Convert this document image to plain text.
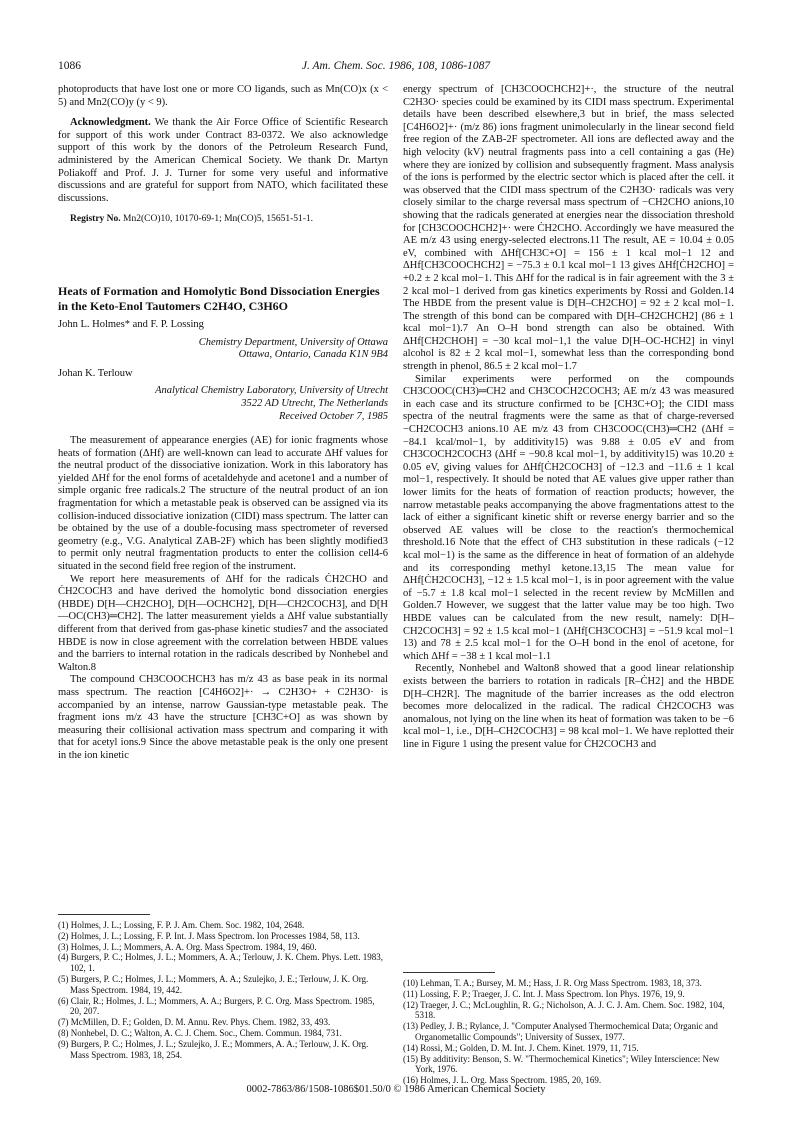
1086	J. Am. Chem. Soc. 1986, 108, 1086-1087

photoproducts that have lost one or more CO ligands, such as Mn(CO)x (x < 5) and Mn2(CO)y (y < 9).

Acknowledgment. We thank the Air Force Office of Scientific Research for support of this work under Contract 83-0372. We also acknowledge support of this work by the donors of the Petroleum Research Fund, administered by the American Chemical Society. We thank Dr. Martyn Poliakoff and Prof. J. J. Turner for some very useful and informative discussions and are grateful for support from NATO, which facilitated these discussions.

Registry No. Mn2(CO)10, 10170-69-1; Mn(CO)5, 15651-51-1.

Heats of Formation and Homolytic Bond Dissociation Energies in the Keto-Enol Tautomers C2H4O, C3H6O
John L. Holmes* and F. P. Lossing
Chemistry Department, University of Ottawa
Ottawa, Ontario, Canada K1N 9B4
Johan K. Terlouw
Analytical Chemistry Laboratory, University of Utrecht
3522 AD Utrecht, The Netherlands
Received October 7, 1985

The measurement of appearance energies (AE) for ionic fragments whose heats of formation (ΔHf) are well-known can lead to accurate ΔHf values for the neutral product of the dissociative ionization. Work in this laboratory has yielded ΔHf for the enol forms of acetaldehyde and acetone1 and a number of simple organic free radicals.2 The structure of the neutral product of an ion fragmentation for which a metastable peak is observed can be assigned via its collision-induced dissociative ionization (CIDI) mass spectrum. The latter can be obtained by the use of a double-focusing mass spectrometer of reversed geometry (e.g., V.G. Analytical ZAB-2F) which has been slightly modified3 to permit only neutral fragmentation products to enter the collision cell4-6 situated in the second field free region of the instrument.

We report here measurements of ΔHf for the radicals ĊH2CHO and ĊH2COCH3 and have derived the homolytic bond dissociation energies (HBDE) D[H—CH2CHO], D[H—OCHCH2], D[H—CH2COCH3], and D[H—OC(CH3)═CH2]. The latter measurement yields a ΔHf value substantially different from that derived from gas-phase kinetic studies7 and the associated HBDE is now in close agreement with the correlation between HBDE values and the barriers to internal rotation in the radicals described by Nonhebel and Walton.8

The compound CH3COOCHCH3 has m/z 43 as base peak in its normal mass spectrum. The reaction [C4H6O2]+· → C2H3O+ + C2H3O· is accompanied by an intense, narrow Gaussian-type metastable peak. The fragment ions m/z 43 have the structure [CH3C+O] as was shown by measuring their collisional activation mass spectrum and comparing it with that for acetyl ions.9 Since the above metastable peak is the only one present in the ion kinetic

energy spectrum of [CH3COOCHCH2]+·, the structure of the neutral C2H3O· species could be examined by its CIDI mass spectrum. Experimental details have been described elsewhere,3 but in brief, the mass selected [C4H6O2]+· (m/z 86) ions fragment unimolecularly in the linear second field free region of the ZAB-2F spectrometer. All ions are deflected away and the high velocity (kV) neutral fragments pass into a cell containing a gas (He) where they are ionized by collision and subsequently fragment. Mass analysis of the ions is performed by the electric sector which is placed after the cell. it was observed that the CIDI mass spectrum of the C2H3O· radicals was very closely similar to the charge reversal mass spectrum of −CH2CHO anions,10 showing that the radicals generated at energies near the dissociation threshold for [CH3COOCHCH2]+· were ĊH2CHO. Accordingly we have measured the AE m/z 43 using energy-selected electrons.11 The result, AE = 10.04 ± 0.05 eV, combined with ΔHf[CH3C+O] = 156 ± 1 kcal mol−1 12 and ΔHf[CH3COOCHCH2] = −75.3 ± 0.1 kcal mol−1 13 gives ΔHf[ĊH2CHO] = +0.2 ± 2 kcal mol−1. This ΔHf for the radical is in fair agreement with the 3 ± 2 kcal mol−1 derived from gas kinetics experiments by Rossi and Golden.14 The HBDE from the present value is D[H–CH2CHO] = 92 ± 2 kcal mol−1. The strength of this bond can be compared with D[H–CH2CHCH2] (86 ± 1 kcal mol−1).7 An O–H bond strength can also be obtained. With ΔHf[CH2CHOH] = −30 kcal mol−1,1 the value D[H–OC-HCH2] in vinyl alcohol is 82 ± 2 kcal mol−1, somewhat less than the corresponding bond strength in phenol, 86.5 ± 2 kcal mol−1.7

Similar experiments were performed on the compounds CH3COOC(CH3)═CH2 and CH3COCH2COCH3; AE m/z 43 was measured in each case and its structure confirmed to be [CH3C+O]; the CIDI mass spectra of the neutral fragments were the same as that of charge-reversed −CH2COCH3 anions.10 AE m/z 43 from CH3COOC(CH3)═CH2 (ΔHf = −84.1 kcal/mol−1, by additivity15) was 9.88 ± 0.05 eV and from CH3COCH2COCH3 (ΔHf = −90.8 kcal mol−1, by additivity15) was 10.20 ± 0.05 eV, giving values for ΔHf[ĊH2COCH3] of −12.3 and −11.6 ± 1 kcal mol−1, respectively. It should be noted that AE values give upper rather than lower limits for the heats of formation of reaction products; however, the narrow metastable peaks accompanying the above fragmentations attest to the lack of either a significant kinetic shift or reverse energy barrier and so the observed AE values will be close to the reaction's thermochemical threshold.16 Note that the effect of CH3 substitution in these radicals (−12 kcal mol−1) is the same as the difference in heat of formation of an aldehyde and its corresponding methyl ketone.13,15 The mean value for ΔHf[ĊH2COCH3], −12 ± 1.5 kcal mol−1, is in poor agreement with the value of −5.7 ± 1.8 kcal mol−1 selected in the recent review by McMillen and Golden.7 However, we suggest that the latter value may be too high. Two HBDE values can be calculated from the new result, namely: D[H–CH2COCH3] = 92 ± 1.5 kcal mol−1 (ΔHf[CH3COCH3] = −51.9 kcal mol−1 13) and 78 ± 2.5 kcal mol−1 for the O–H bond in the enol of acetone, for which ΔHf = −38 ± 1 kcal mol−1.1

Recently, Nonhebel and Walton8 showed that a good linear relationship exists between the barriers to rotation in radicals [R–ĊH2] and the HBDE D[H–CH2R]. The magnitude of the barrier increases as the odd electron becomes more delocalized in the radical. The radical ĊH2COCH3 was anomalous, not lying on the line when its heat of formation was taken to be −6 kcal mol−1, i.e., D[H–CH2COCH3] = 98 kcal mol−1. We have replotted their line in Figure 1 using the present value for ĊH2COCH3 and

(1) Holmes, J. L.; Lossing, F. P. J. Am. Chem. Soc. 1982, 104, 2648.

(2) Holmes, J. L.; Lossing, F. P. Int. J. Mass Spectrom. Ion Processes 1984, 58, 113.

(3) Holmes, J. L.; Mommers, A. A. Org. Mass Spectrom. 1984, 19, 460.

(4) Burgers, P. C.; Holmes, J. L.; Mommers, A. A.; Terlouw, J. K. Chem. Phys. Lett. 1983, 102, 1.

(5) Burgers, P. C.; Holmes, J. L.; Mommers, A. A.; Szulejko, J. E.; Terlouw, J. K. Org. Mass Spectrom. 1984, 19, 442.

(6) Clair, R.; Holmes, J. L.; Mommers, A. A.; Burgers, P. C. Org. Mass Spectrom. 1985, 20, 207.

(7) McMillen, D. F.; Golden, D. M. Annu. Rev. Phys. Chem. 1982, 33, 493.

(8) Nonhebel, D. C.; Walton, A. C. J. Chem. Soc., Chem. Commun. 1984, 731.

(9) Burgers, P. C.; Holmes, J. L.; Szulejko, J. E.; Mommers, A. A.; Terlouw, J. K. Org. Mass Spectrom. 1983, 18, 254.

(10) Lehman, T. A.; Bursey, M. M.; Hass, J. R. Org Mass Spectrom. 1983, 18, 373.

(11) Lossing, F. P.; Traeger, J. C. Int. J. Mass Spectrom. Ion Phys. 1976, 19, 9.

(12) Traeger, J. C.; McLoughlin, R. G.; Nicholson, A. J. C. J. Am. Chem. Soc. 1982, 104, 5318.

(13) Pedley, J. B.; Rylance, J. "Computer Analysed Thermochemical Data; Organic and Organometallic Compounds"; University of Sussex, 1977.

(14) Rossi, M.; Golden, D. M. Int. J. Chem. Kinet. 1979, 11, 715.

(15) By additivity: Benson, S. W. "Thermochemical Kinetics"; Wiley Interscience: New York, 1976.

(16) Holmes, J. L. Org. Mass Spectrom. 1985, 20, 169.

0002-7863/86/1508-1086$01.50/0 © 1986 American Chemical Society
